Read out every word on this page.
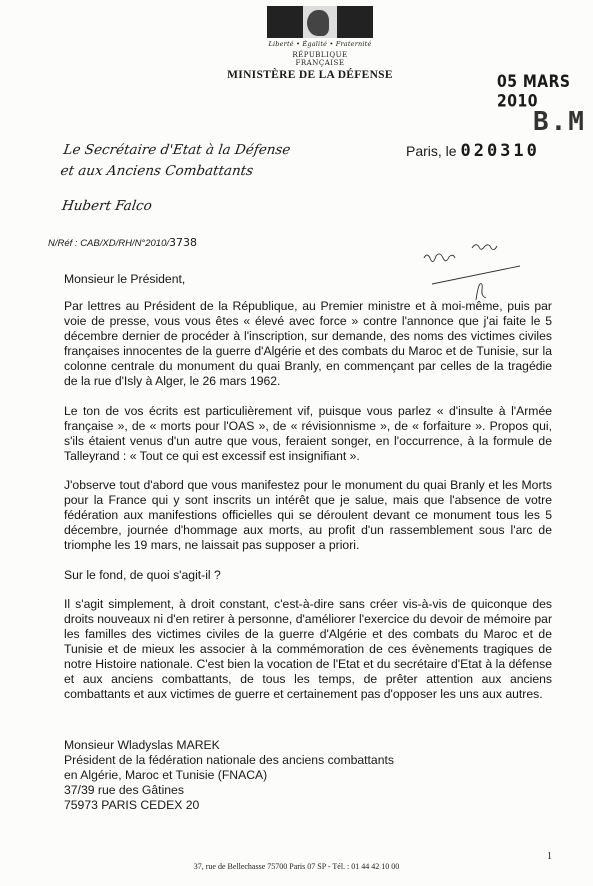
Liberté • Égalité • Fraternité
RÉPUBLIQUE FRANÇAISE
MINISTÈRE DE LA DÉFENSE	05 MARS 2010
B.M
Le Secrétaire d'Etat à la Défense
et aux Anciens Combattants
Hubert Falco
Paris, le 020310
N/Réf : CAB/XD/RH/N°2010/3738

Monsieur le Président,

Par lettres au Président de la République, au Premier ministre et à moi-même, puis par voie de presse, vous vous êtes « élevé avec force » contre l'annonce que j'ai faite le 5 décembre dernier de procéder à l'inscription, sur demande, des noms des victimes civiles françaises innocentes de la guerre d'Algérie et des combats du Maroc et de Tunisie, sur la colonne centrale du monument du quai Branly, en commençant par celles de la tragédie de la rue d'Isly à Alger, le 26 mars 1962.

Le ton de vos écrits est particulièrement vif, puisque vous parlez « d'insulte à l'Armée française », de « morts pour l'OAS », de « révisionnisme », de « forfaiture ». Propos qui, s'ils étaient venus d'un autre que vous, feraient songer, en l'occurrence, à la formule de Talleyrand : « Tout ce qui est excessif est insignifiant ».

J'observe tout d'abord que vous manifestez pour le monument du quai Branly et les Morts pour la France qui y sont inscrits un intérêt que je salue, mais que l'absence de votre fédération aux manifestions officielles qui se déroulent devant ce monument tous les 5 décembre, journée d'hommage aux morts, au profit d'un rassemblement sous l'arc de triomphe les 19 mars, ne laissait pas supposer a priori.

Sur le fond, de quoi s'agit-il ?

Il s'agit simplement, à droit constant, c'est-à-dire sans créer vis-à-vis de quiconque des droits nouveaux ni d'en retirer à personne, d'améliorer l'exercice du devoir de mémoire par les familles des victimes civiles de la guerre d'Algérie et des combats du Maroc et de Tunisie et de mieux les associer à la commémoration de ces évènements tragiques de notre Histoire nationale. C'est bien la vocation de l'Etat et du secrétaire d'Etat à la défense et aux anciens combattants, de tous les temps, de prêter attention aux anciens combattants et aux victimes de guerre et certainement pas d'opposer les uns aux autres.

Monsieur Wladyslas MAREK
Président de la fédération nationale des anciens combattants
en Algérie, Maroc et Tunisie (FNACA)
37/39 rue des Gâtines
75973 PARIS CEDEX 20
1
37, rue de Bellechasse 75700 Paris 07 SP - Tél. : 01 44 42 10 00
